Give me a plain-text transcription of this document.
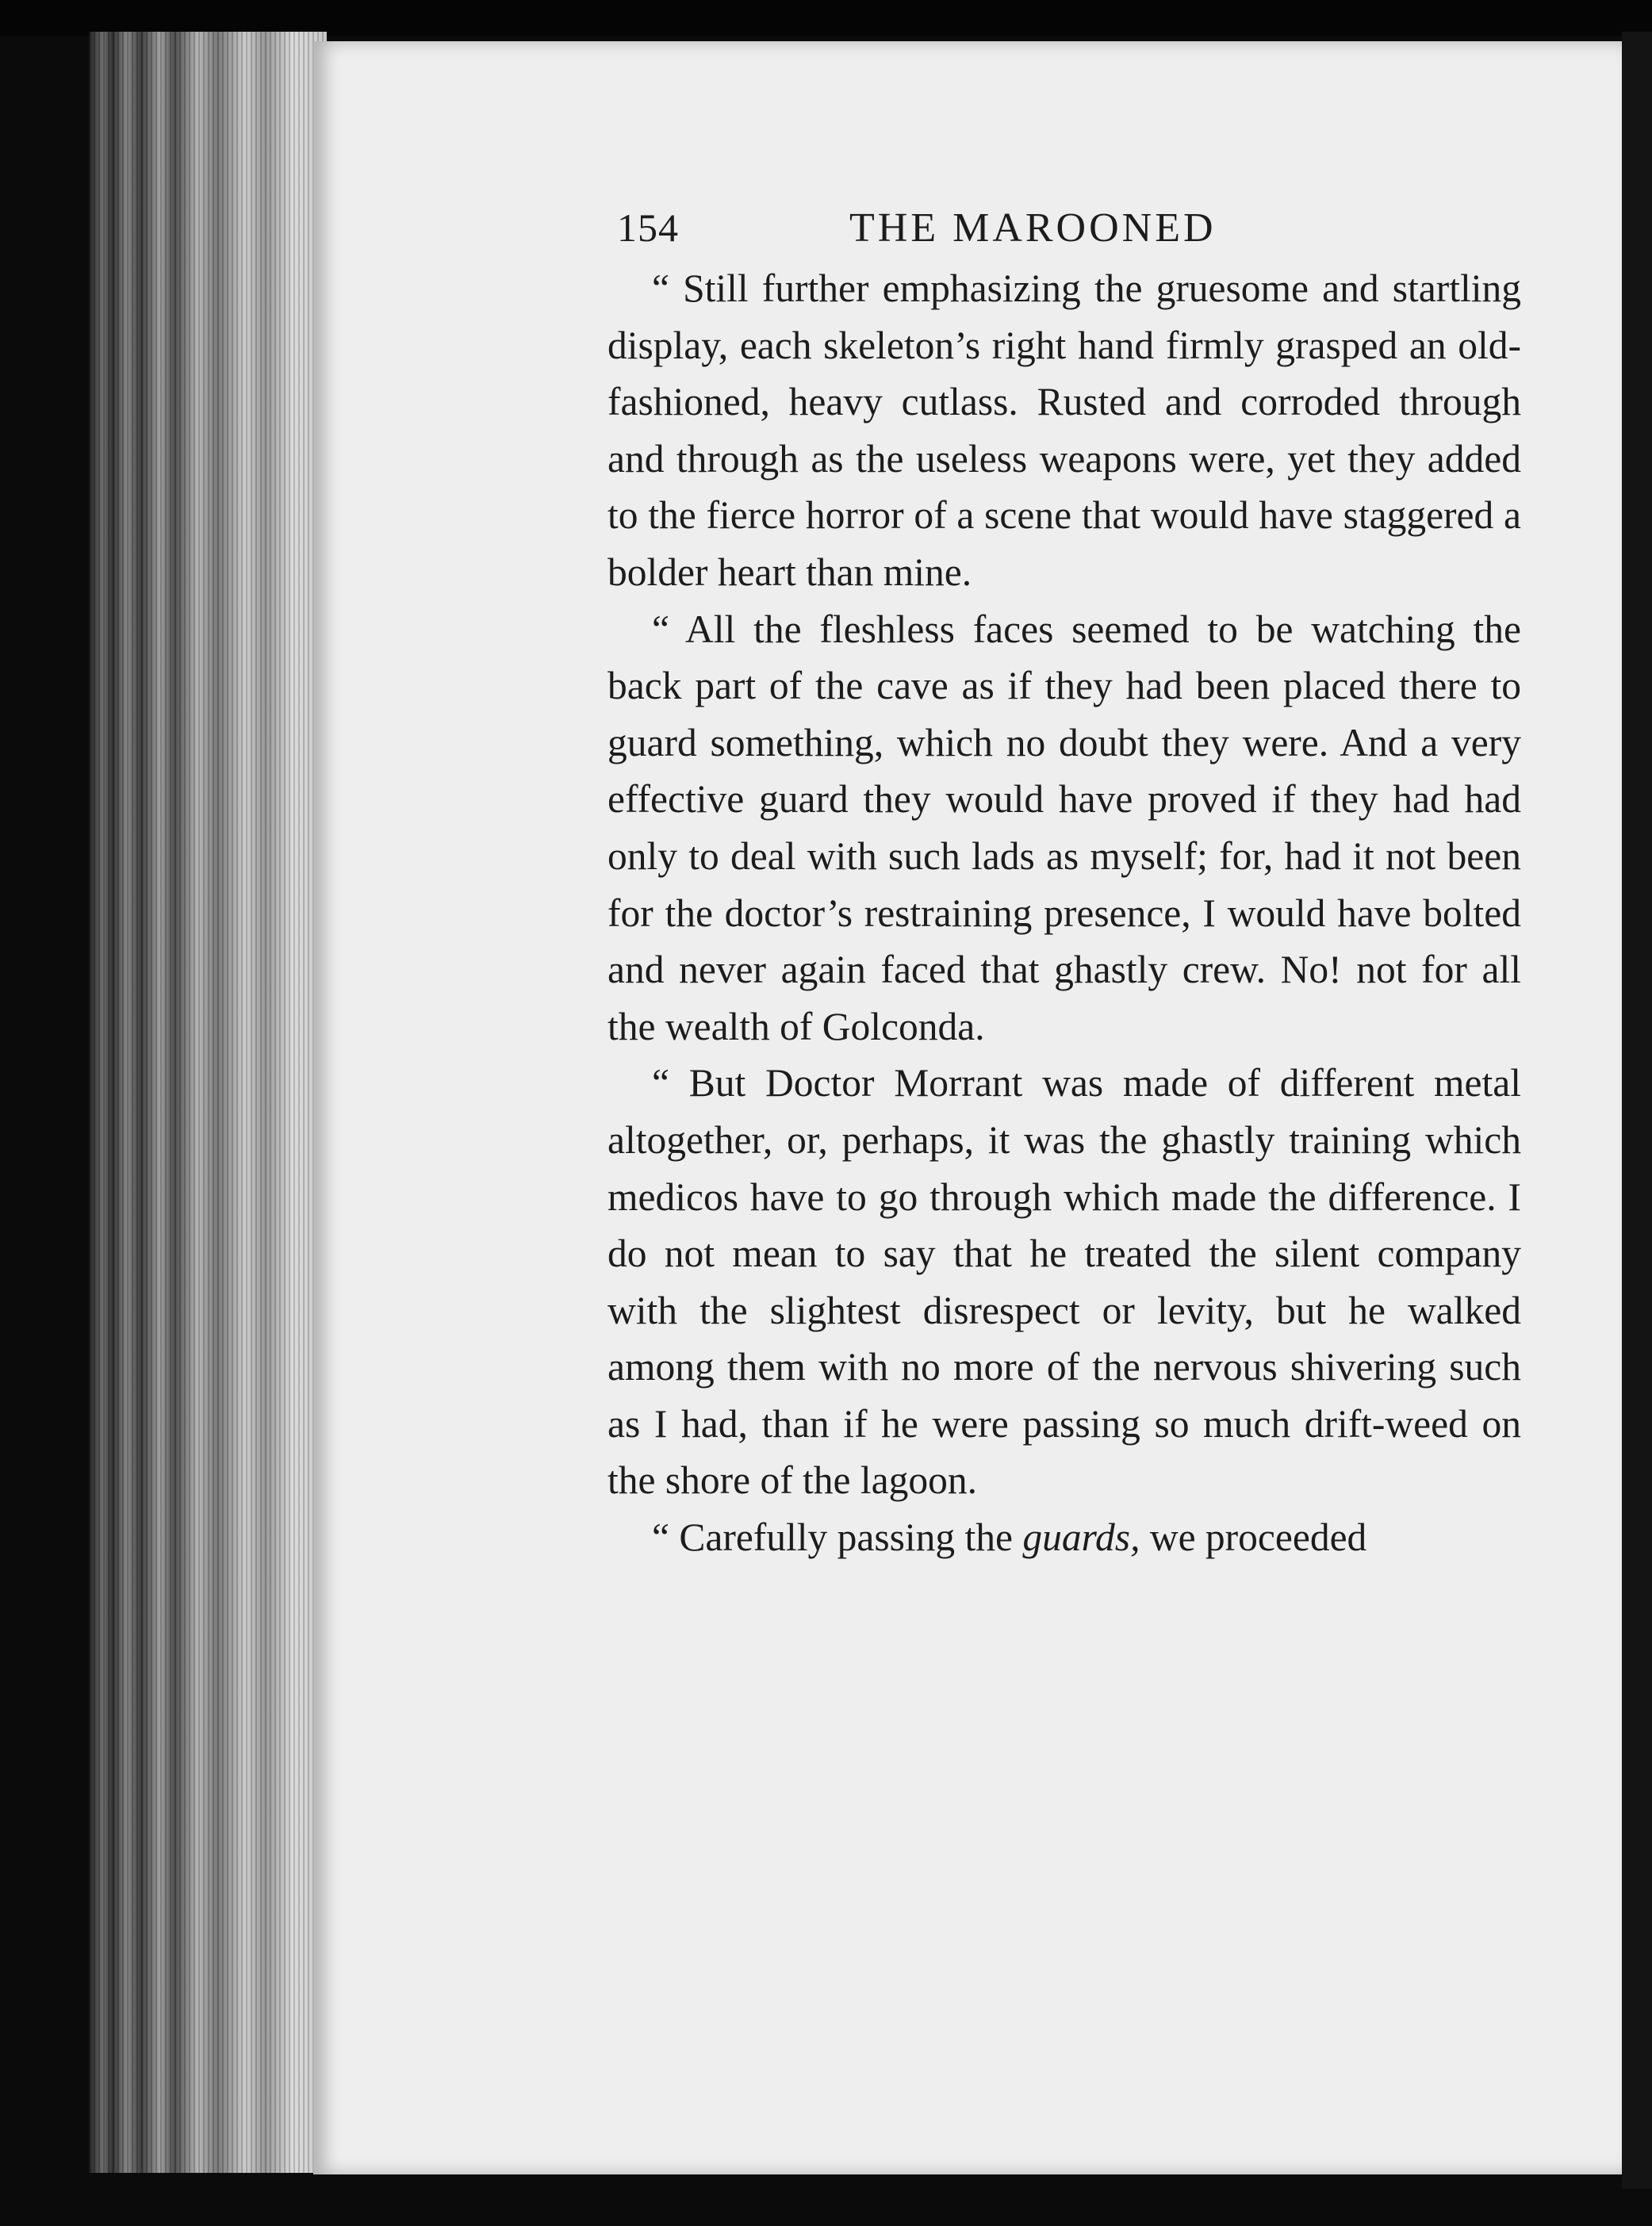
154	THE MAROONED

“ Still further emphasizing the gruesome and startling display, each skeleton’s right hand firmly grasped an old-fashioned, heavy cutlass. Rusted and corroded through and through as the useless weapons were, yet they added to the fierce horror of a scene that would have staggered a bolder heart than mine.

“ All the fleshless faces seemed to be watching the back part of the cave as if they had been placed there to guard something, which no doubt they were. And a very effective guard they would have proved if they had had only to deal with such lads as myself; for, had it not been for the doctor’s restraining presence, I would have bolted and never again faced that ghastly crew. No! not for all the wealth of Golconda.

“ But Doctor Morrant was made of different metal altogether, or, perhaps, it was the ghastly training which medicos have to go through which made the difference. I do not mean to say that he treated the silent company with the slightest disrespect or levity, but he walked among them with no more of the nervous shivering such as I had, than if he were passing so much drift-weed on the shore of the lagoon.

“ Carefully passing the guards, we proceeded
